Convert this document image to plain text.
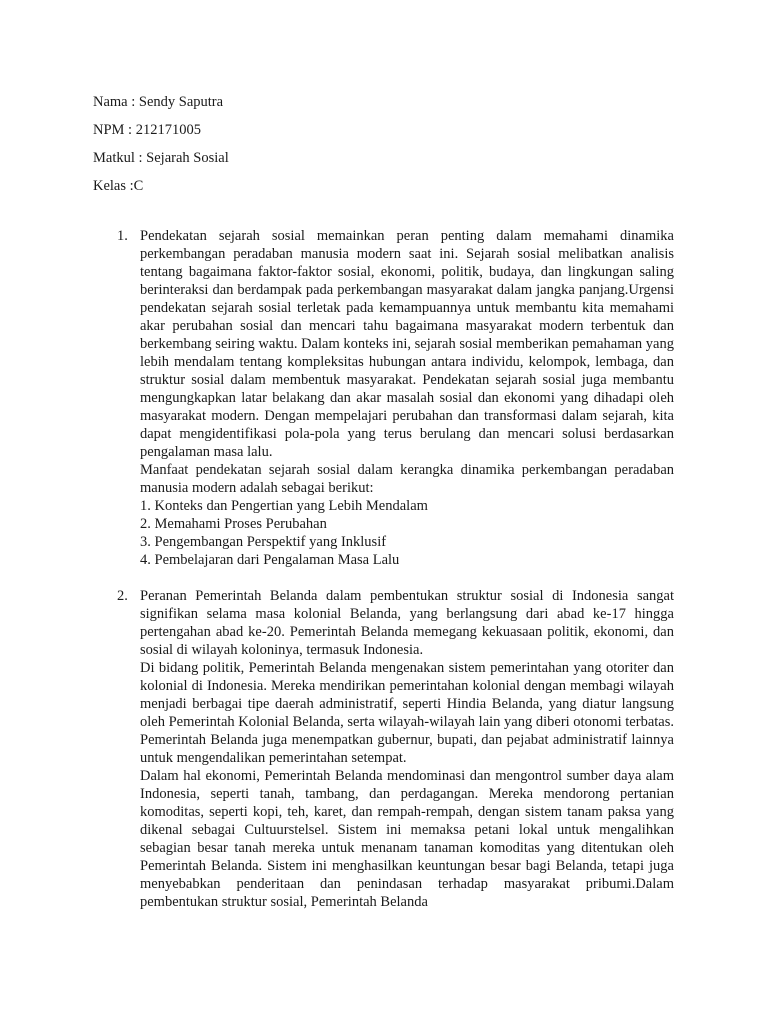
Nama : Sendy Saputra

NPM : 212171005

Matkul : Sejarah Sosial

Kelas :C

1. Pendekatan sejarah sosial memainkan peran penting dalam memahami dinamika perkembangan peradaban manusia modern saat ini. Sejarah sosial melibatkan analisis tentang bagaimana faktor-faktor sosial, ekonomi, politik, budaya, dan lingkungan saling berinteraksi dan berdampak pada perkembangan masyarakat dalam jangka panjang.Urgensi pendekatan sejarah sosial terletak pada kemampuannya untuk membantu kita memahami akar perubahan sosial dan mencari tahu bagaimana masyarakat modern terbentuk dan berkembang seiring waktu. Dalam konteks ini, sejarah sosial memberikan pemahaman yang lebih mendalam tentang kompleksitas hubungan antara individu, kelompok, lembaga, dan struktur sosial dalam membentuk masyarakat. Pendekatan sejarah sosial juga membantu mengungkapkan latar belakang dan akar masalah sosial dan ekonomi yang dihadapi oleh masyarakat modern. Dengan mempelajari perubahan dan transformasi dalam sejarah, kita dapat mengidentifikasi pola-pola yang terus berulang dan mencari solusi berdasarkan pengalaman masa lalu.

Manfaat pendekatan sejarah sosial dalam kerangka dinamika perkembangan peradaban manusia modern adalah sebagai berikut:

1. Konteks dan Pengertian yang Lebih Mendalam
2. Memahami Proses Perubahan
3. Pengembangan Perspektif yang Inklusif
4. Pembelajaran dari Pengalaman Masa Lalu
2. Peranan Pemerintah Belanda dalam pembentukan struktur sosial di Indonesia sangat signifikan selama masa kolonial Belanda, yang berlangsung dari abad ke-17 hingga pertengahan abad ke-20. Pemerintah Belanda memegang kekuasaan politik, ekonomi, dan sosial di wilayah koloninya, termasuk Indonesia.

Di bidang politik, Pemerintah Belanda mengenakan sistem pemerintahan yang otoriter dan kolonial di Indonesia. Mereka mendirikan pemerintahan kolonial dengan membagi wilayah menjadi berbagai tipe daerah administratif, seperti Hindia Belanda, yang diatur langsung oleh Pemerintah Kolonial Belanda, serta wilayah-wilayah lain yang diberi otonomi terbatas. Pemerintah Belanda juga menempatkan gubernur, bupati, dan pejabat administratif lainnya untuk mengendalikan pemerintahan setempat.

Dalam hal ekonomi, Pemerintah Belanda mendominasi dan mengontrol sumber daya alam Indonesia, seperti tanah, tambang, dan perdagangan. Mereka mendorong pertanian komoditas, seperti kopi, teh, karet, dan rempah-rempah, dengan sistem tanam paksa yang dikenal sebagai Cultuurstelsel. Sistem ini memaksa petani lokal untuk mengalihkan sebagian besar tanah mereka untuk menanam tanaman komoditas yang ditentukan oleh Pemerintah Belanda. Sistem ini menghasilkan keuntungan besar bagi Belanda, tetapi juga menyebabkan penderitaan dan penindasan terhadap masyarakat pribumi.Dalam pembentukan struktur sosial, Pemerintah Belanda
